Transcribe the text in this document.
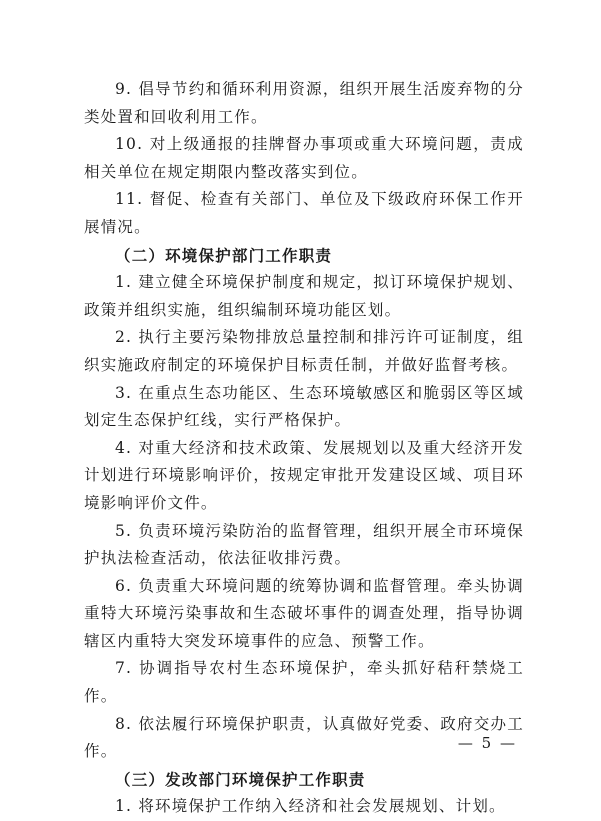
9. 倡导节约和循环利用资源，组织开展生活废弃物的分类处置和回收利用工作。

10. 对上级通报的挂牌督办事项或重大环境问题，责成相关单位在规定期限内整改落实到位。

11. 督促、检查有关部门、单位及下级政府环保工作开展情况。

（二）环境保护部门工作职责

1. 建立健全环境保护制度和规定，拟订环境保护规划、政策并组织实施，组织编制环境功能区划。

2. 执行主要污染物排放总量控制和排污许可证制度，组织实施政府制定的环境保护目标责任制，并做好监督考核。

3. 在重点生态功能区、生态环境敏感区和脆弱区等区域划定生态保护红线，实行严格保护。

4. 对重大经济和技术政策、发展规划以及重大经济开发计划进行环境影响评价，按规定审批开发建设区域、项目环境影响评价文件。

5. 负责环境污染防治的监督管理，组织开展全市环境保护执法检查活动，依法征收排污费。

6. 负责重大环境问题的统筹协调和监督管理。牵头协调重特大环境污染事故和生态破坏事件的调查处理，指导协调辖区内重特大突发环境事件的应急、预警工作。

7. 协调指导农村生态环境保护，牵头抓好秸秆禁烧工作。

8. 依法履行环境保护职责，认真做好党委、政府交办工作。

（三）发改部门环境保护工作职责

1. 将环境保护工作纳入经济和社会发展规划、计划。

— 5 —
